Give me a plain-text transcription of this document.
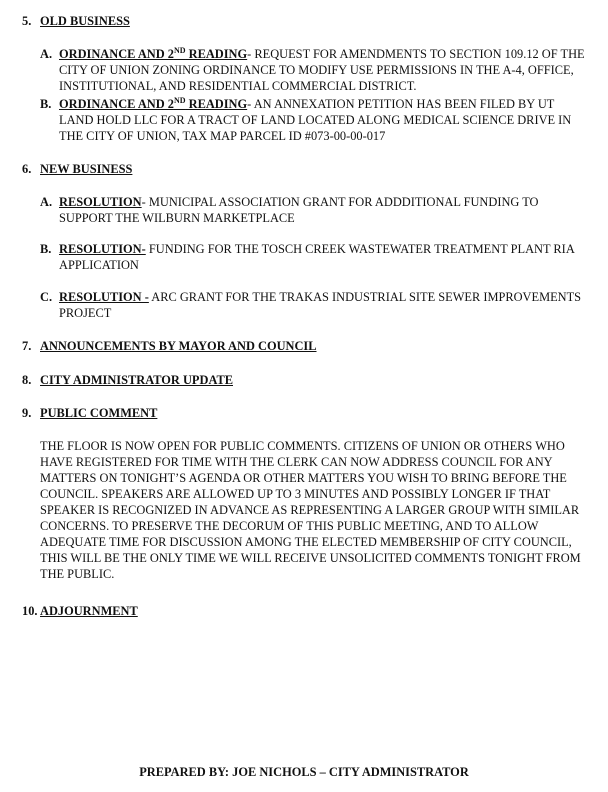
5. OLD BUSINESS
A. ORDINANCE AND 2ND READING- REQUEST FOR AMENDMENTS TO SECTION 109.12 OF THE CITY OF UNION ZONING ORDINANCE TO MODIFY USE PERMISSIONS IN THE A-4, OFFICE, INSTITUTIONAL, AND RESIDENTIAL COMMERCIAL DISTRICT.
B. ORDINANCE AND 2ND READING- AN ANNEXATION PETITION HAS BEEN FILED BY UT LAND HOLD LLC FOR A TRACT OF LAND LOCATED ALONG MEDICAL SCIENCE DRIVE IN THE CITY OF UNION, TAX MAP PARCEL ID #073-00-00-017
6. NEW BUSINESS
A. RESOLUTION- MUNICIPAL ASSOCIATION GRANT FOR ADDDITIONAL FUNDING TO SUPPORT THE WILBURN MARKETPLACE
B. RESOLUTION- FUNDING FOR THE TOSCH CREEK WASTEWATER TREATMENT PLANT RIA APPLICATION
C. RESOLUTION - ARC GRANT FOR THE TRAKAS INDUSTRIAL SITE SEWER IMPROVEMENTS PROJECT
7. ANNOUNCEMENTS BY MAYOR AND COUNCIL
8. CITY ADMINISTRATOR UPDATE
9. PUBLIC COMMENT
THE FLOOR IS NOW OPEN FOR PUBLIC COMMENTS. CITIZENS OF UNION OR OTHERS WHO HAVE REGISTERED FOR TIME WITH THE CLERK CAN NOW ADDRESS COUNCIL FOR ANY MATTERS ON TONIGHT’S AGENDA OR OTHER MATTERS YOU WISH TO BRING BEFORE THE COUNCIL. SPEAKERS ARE ALLOWED UP TO 3 MINUTES AND POSSIBLY LONGER IF THAT SPEAKER IS RECOGNIZED IN ADVANCE AS REPRESENTING A LARGER GROUP WITH SIMILAR CONCERNS. TO PRESERVE THE DECORUM OF THIS PUBLIC MEETING, AND TO ALLOW ADEQUATE TIME FOR DISCUSSION AMONG THE ELECTED MEMBERSHIP OF CITY COUNCIL, THIS WILL BE THE ONLY TIME WE WILL RECEIVE UNSOLICITED COMMENTS TONIGHT FROM THE PUBLIC.
10. ADJOURNMENT
PREPARED BY: JOE NICHOLS – CITY ADMINISTRATOR
